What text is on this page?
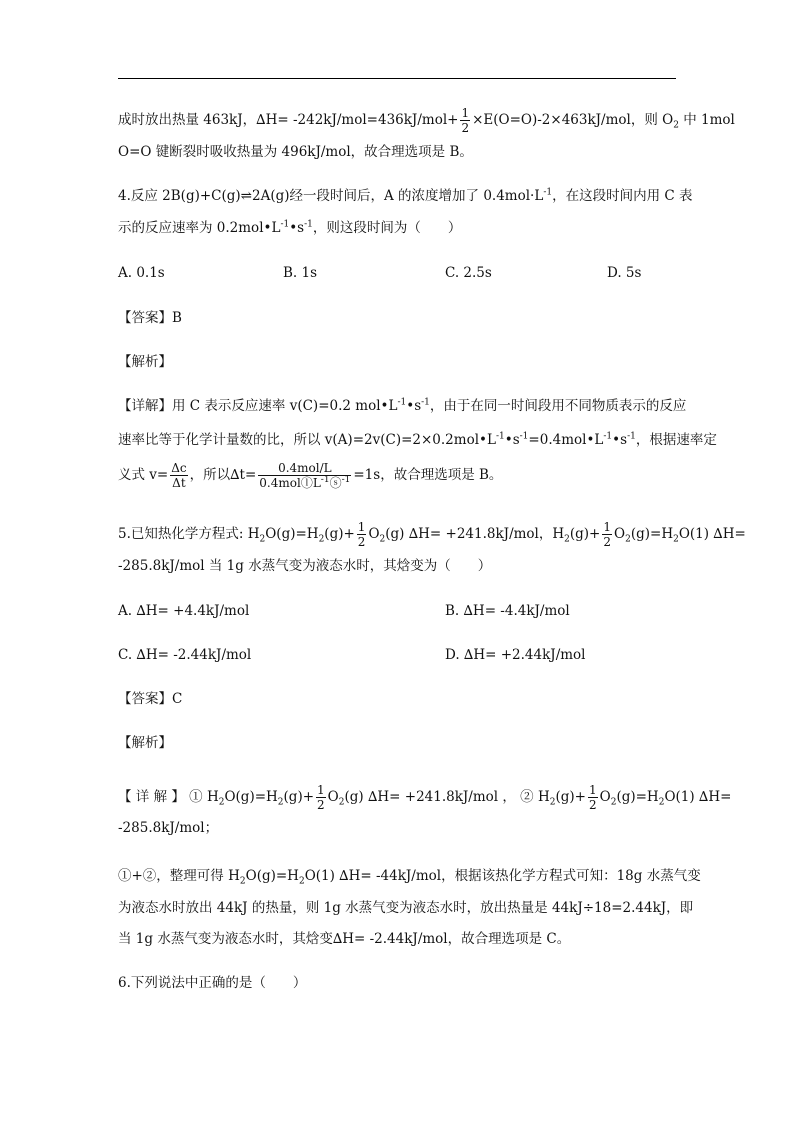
成时放出热量 463kJ，$\Delta H= -242kJ/mol=436kJ/mol+ \frac{1}{2} \times E(O=O)-2\times 463kJ/mol$，则 $O_2$ 中 1mol
O=O 键断裂时吸收热量为 496kJ/mol，故合理选项是 B。
4.反应 2B(g)+C(g)⇌2A(g)经一段时间后，A 的浓度增加了 $0.4mol\cdot L^{-1}$，在这段时间内用 C 表
示的反应速率为 $0.2mol•L^{-1}•s^{-1}$，则这段时间为（　　）
A. 0.1s	B. 1s	C. 2.5s	D. 5s
【答案】B
【解析】
【详解】用 C 表示反应速率 v(C)=0.2 $mol•L^{-1}•s^{-1}$，由于在同一时间段用不同物质表示的反应
速率比等于化学计量数的比，所以 $v(A)=2v(C)=2\times 0.2mol•L^{-1}•s^{-1}=0.4mol•L^{-1}•s^{-1}$，根据速率定
义式 $v= \frac{\Delta c}{\Delta t}$ ，所以$\Delta t= \frac{\text{0.4mol/L}}{0.4molⓛL^{-1}ⓢ^{-1}} =1s$，故合理选项是 B。
5.已知热化学方程式: $H_2O(g)=H_2(g)+ \frac{1}{2} O_2(g)$ ∆H= +241.8kJ/mol，$H_2(g)+ \frac{1}{2} O_2(g)=H_2O(1)$ ∆H=
-285.8kJ/mol 当 1g 水蒸气变为液态水时，其焓变为（　　）
A. ∆H= +4.4kJ/mol	B. ∆H= -4.4kJ/mol
C. ∆H= -2.44kJ/mol	D. ∆H= +2.44kJ/mol
【答案】C
【解析】
【 详 解 】 ① $H_2O(g)=H_2(g)+ \frac{1}{2} O_2(g)$ ∆H= +241.8kJ/mol ， ② $H_2(g)+ \frac{1}{2} O_2(g)=H_2O(1)$ ∆H=
-285.8kJ/mol；
①+②，整理可得 $H_2O(g)=H_2O(1)$ ∆H= -44kJ/mol，根据该热化学方程式可知：18g 水蒸气变
为液态水时放出 44kJ 的热量，则 1g 水蒸气变为液态水时，放出热量是 44kJ÷18=2.44kJ，即
当 1g 水蒸气变为液态水时，其焓变∆H= -2.44kJ/mol，故合理选项是 C。
6.下列说法中正确的是（　　）
